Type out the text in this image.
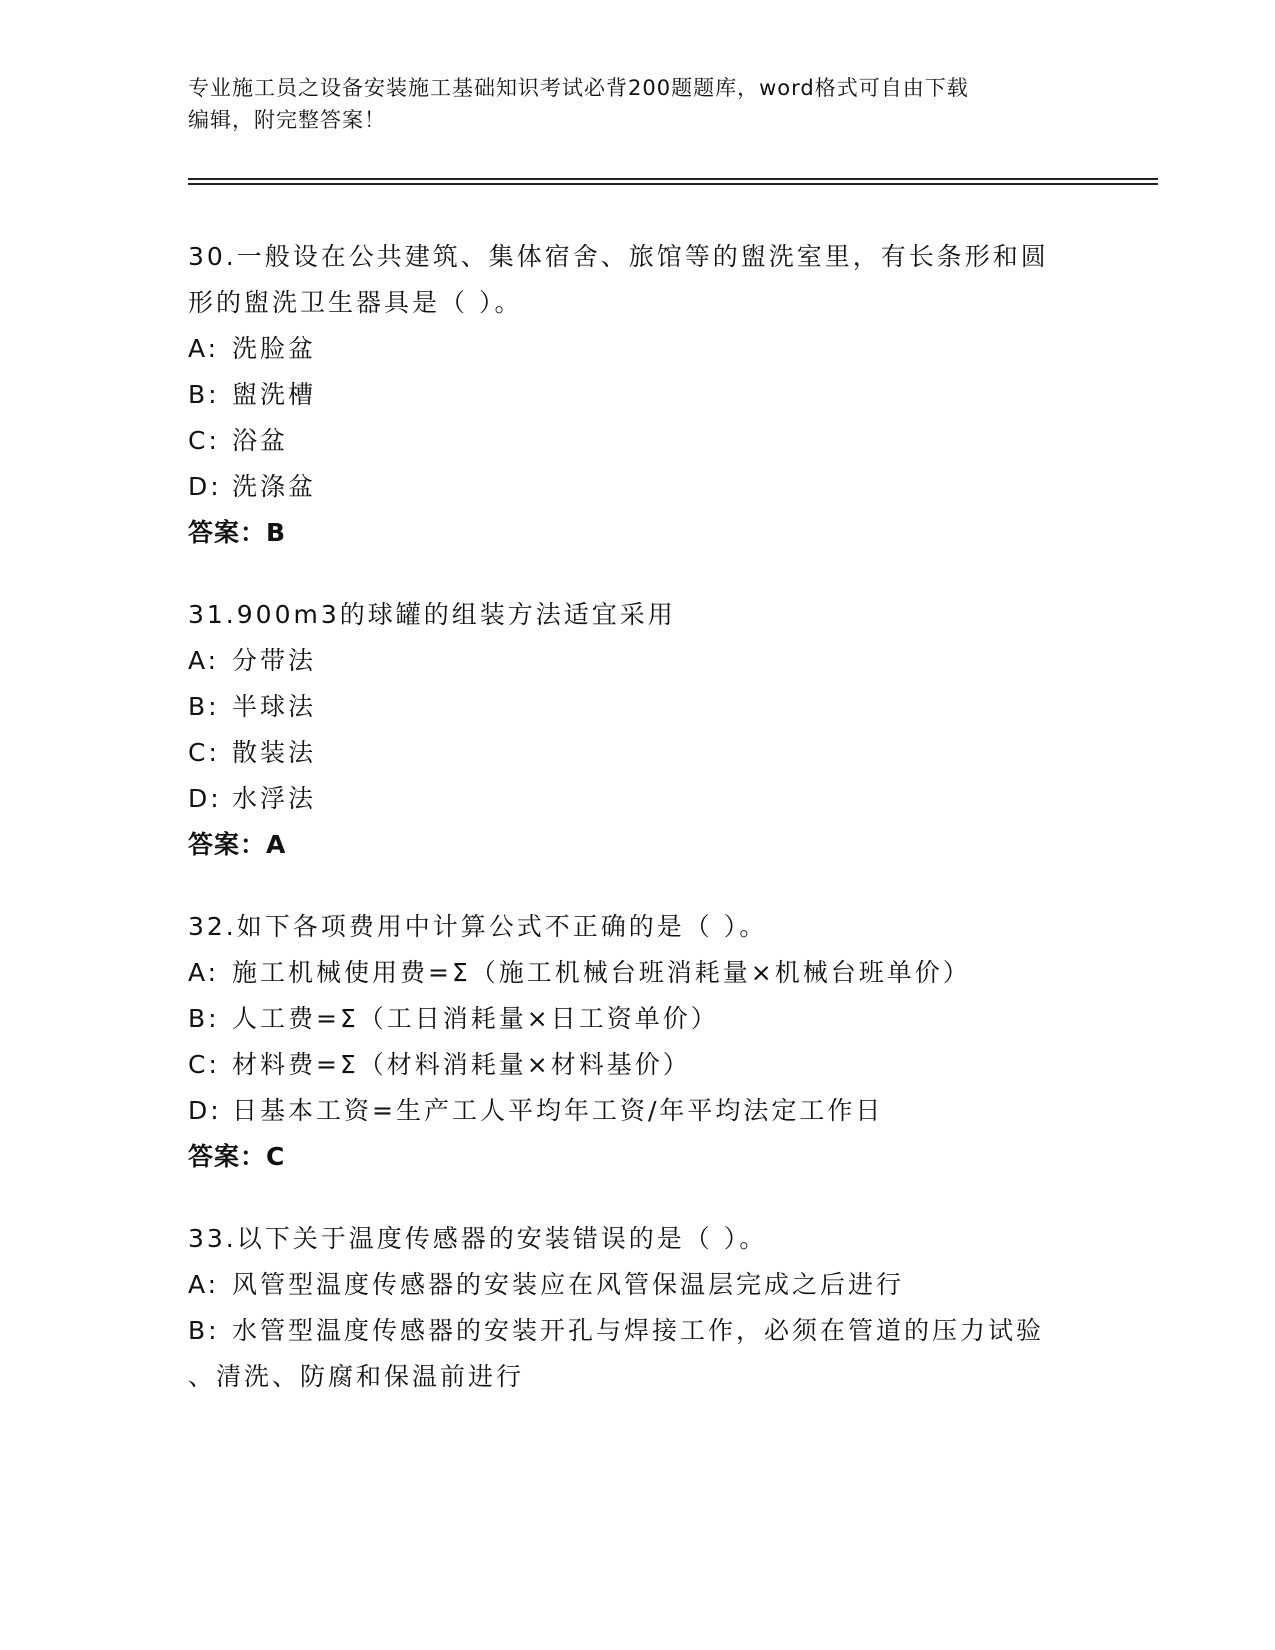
专业施工员之设备安装施工基础知识考试必背200题题库，word格式可自由下载
编辑，附完整答案！
30.一般设在公共建筑、集体宿舍、旅馆等的盥洗室里，有长条形和圆
形的盥洗卫生器具是（ ）。
A: 洗脸盆
B: 盥洗槽
C: 浴盆
D: 洗涤盆
答案：B
31.900m3的球罐的组装方法适宜采用
A: 分带法
B: 半球法
C: 散装法
D: 水浮法
答案：A
32.如下各项费用中计算公式不正确的是（ ）。
A: 施工机械使用费=Σ（施工机械台班消耗量×机械台班单价）
B: 人工费=Σ（工日消耗量×日工资单价）
C: 材料费=Σ（材料消耗量×材料基价）
D: 日基本工资=生产工人平均年工资/年平均法定工作日
答案：C
33.以下关于温度传感器的安装错误的是（ ）。
A: 风管型温度传感器的安装应在风管保温层完成之后进行
B: 水管型温度传感器的安装开孔与焊接工作，必须在管道的压力试验
、清洗、防腐和保温前进行
